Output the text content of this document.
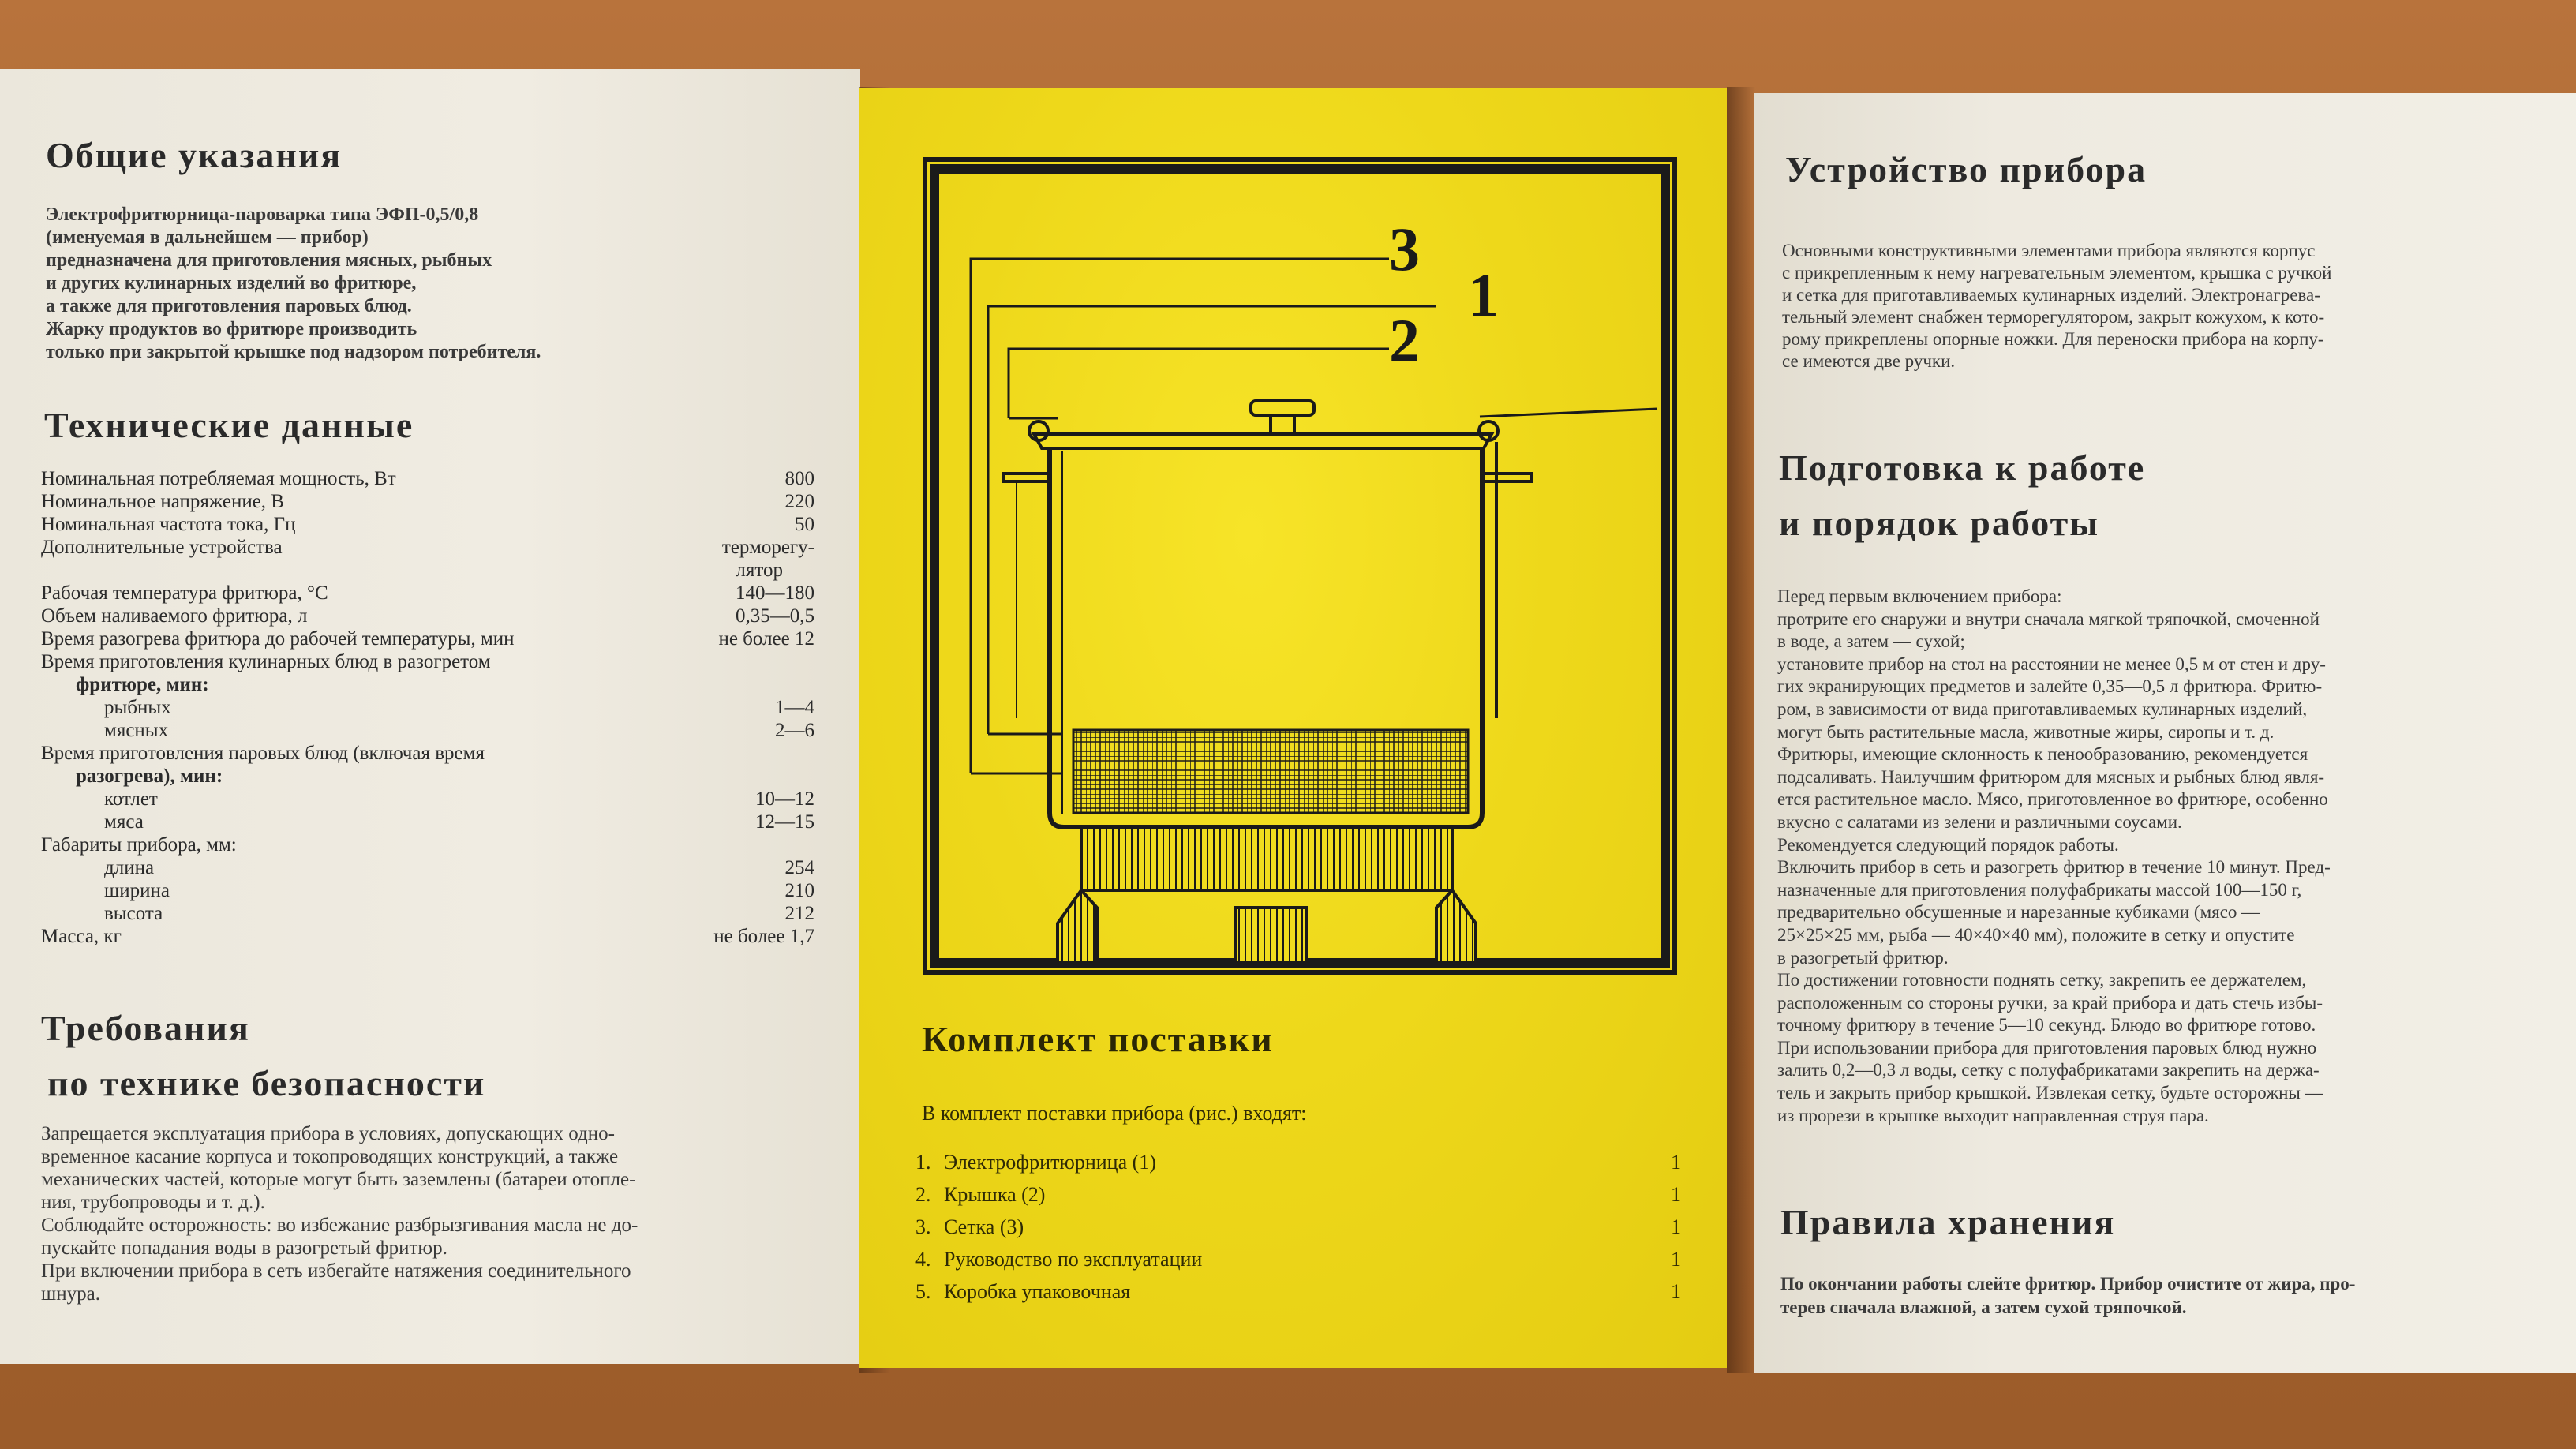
Общие указания
Электрофритюрница-пароварка типа ЭФП-0,5/0,8
(именуемая в дальнейшем — прибор)
предназначена для приготовления мясных, рыбных
и других кулинарных изделий во фритюре,
а также для приготовления паровых блюд.
Жарку продуктов во фритюре производить
только при закрытой крышке под надзором потребителя.
Технические данные
Номинальная потребляемая мощность, Вт	800
Номинальное напряжение, В	220
Номинальная частота тока, Гц	50
Дополнительные устройства	терморегу-
лятор
Рабочая температура фритюра, °С	140—180
Объем наливаемого фритюра, л	0,35—0,5
Время разогрева фритюра до рабочей температуры, мин	не более 12
Время приготовления кулинарных блюд в разогретом
фритюре, мин:
рыбных	1—4
мясных	2—6
Время приготовления паровых блюд (включая время
разогрева), мин:
котлет	10—12
мяса	12—15
Габариты прибора, мм:
длина	254
ширина	210
высота	212
Масса, кг	не более 1,7
Требования
по технике безопасности
Запрещается эксплуатация прибора в условиях, допускающих одно-
временное касание корпуса и токопроводящих конструкций, а также
механических частей, которые могут быть заземлены (батареи отопле-
ния, трубопроводы и т. д.).
Соблюдайте осторожность: во избежание разбрызгивания масла не до-
пускайте попадания воды в разогретый фритюр.
При включении прибора в сеть избегайте натяжения соединительного
шнура.
3
1
2
Комплект поставки
В комплект поставки прибора (рис.) входят:
1. Электрофритюрница (1)	1
2. Крышка (2)	1
3. Сетка (3)	1
4. Руководство по эксплуатации	1
5. Коробка упаковочная	1
Устройство прибора
Основными конструктивными элементами прибора являются корпус
с прикрепленным к нему нагревательным элементом, крышка с ручкой
и сетка для приготавливаемых кулинарных изделий. Электронагрева-
тельный элемент снабжен терморегулятором, закрыт кожухом, к кото-
рому прикреплены опорные ножки. Для переноски прибора на корпу-
се имеются две ручки.
Подготовка к работе
и порядок работы
Перед первым включением прибора:
протрите его снаружи и внутри сначала мягкой тряпочкой, смоченной
в воде, а затем — сухой;
установите прибор на стол на расстоянии не менее 0,5 м от стен и дру-
гих экранирующих предметов и залейте 0,35—0,5 л фритюра. Фритю-
ром, в зависимости от вида приготавливаемых кулинарных изделий,
могут быть растительные масла, животные жиры, сиропы и т. д.
Фритюры, имеющие склонность к пенообразованию, рекомендуется
подсаливать. Наилучшим фритюром для мясных и рыбных блюд явля-
ется растительное масло. Мясо, приготовленное во фритюре, особенно
вкусно с салатами из зелени и различными соусами.
Рекомендуется следующий порядок работы.
Включить прибор в сеть и разогреть фритюр в течение 10 минут. Пред-
назначенные для приготовления полуфабрикаты массой 100—150 г,
предварительно обсушенные и нарезанные кубиками (мясо —
25×25×25 мм, рыба — 40×40×40 мм), положите в сетку и опустите
в разогретый фритюр.
По достижении готовности поднять сетку, закрепить ее держателем,
расположенным со стороны ручки, за край прибора и дать стечь избы-
точному фритюру в течение 5—10 секунд. Блюдо во фритюре готово.
При использовании прибора для приготовления паровых блюд нужно
залить 0,2—0,3 л воды, сетку с полуфабрикатами закрепить на держа-
тель и закрыть прибор крышкой. Извлекая сетку, будьте осторожны —
из прорези в крышке выходит направленная струя пара.
Правила хранения
По окончании работы слейте фритюр. Прибор очистите от жира, про-
терев сначала влажной, а затем сухой тряпочкой.
